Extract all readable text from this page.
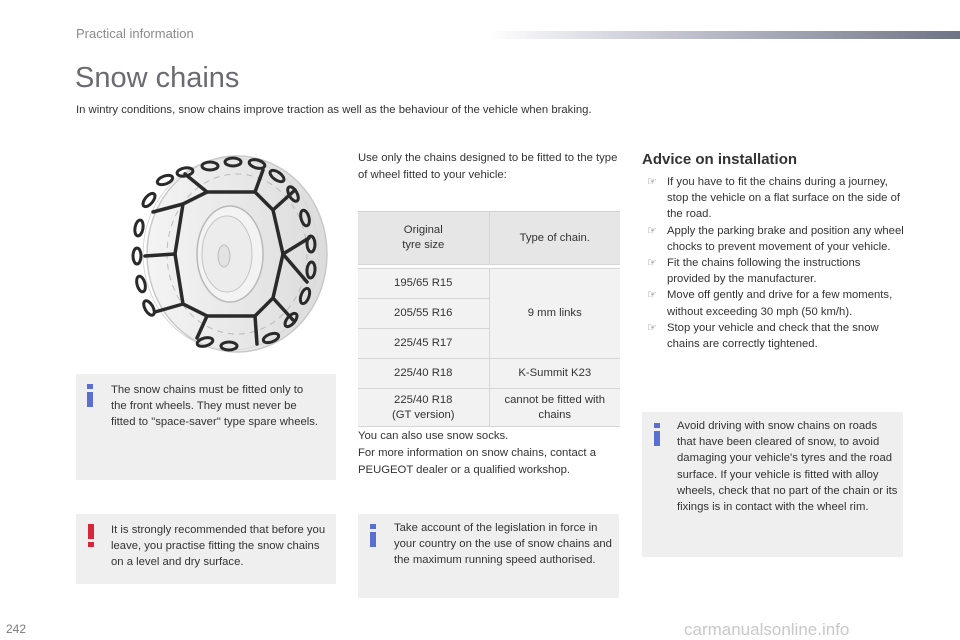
Practical information
Snow chains
In wintry conditions, snow chains improve traction as well as the behaviour of the vehicle when braking.
Use only the chains designed to be fitted to the type of wheel fitted to your vehicle:
Original
tyre size	Type of chain.

195/65 R15	9 mm links
205/55 R16	
225/45 R17	
225/40 R18	K-Summit K23

225/40 R18
(GT version)	cannot be fitted with chains
You can also use snow socks.
For more information on snow chains, contact a PEUGEOT dealer or a qualified workshop.
Advice on installation
☞ If you have to fit the chains during a journey, stop the vehicle on a flat surface on the side of the road.
☞ Apply the parking brake and position any wheel chocks to prevent movement of your vehicle.
☞ Fit the chains following the instructions provided by the manufacturer.
☞ Move off gently and drive for a few moments, without exceeding 30 mph (50 km/h).
☞ Stop your vehicle and check that the snow chains are correctly tightened.
The snow chains must be fitted only to the front wheels. They must never be fitted to "space-saver" type spare wheels.
It is strongly recommended that before you leave, you practise fitting the snow chains on a level and dry surface.
Take account of the legislation in force in your country on the use of snow chains and the maximum running speed authorised.
Avoid driving with snow chains on roads that have been cleared of snow, to avoid damaging your vehicle's tyres and the road surface. If your vehicle is fitted with alloy wheels, check that no part of the chain or its fixings is in contact with the wheel rim.
242	carmanualsonline.info
